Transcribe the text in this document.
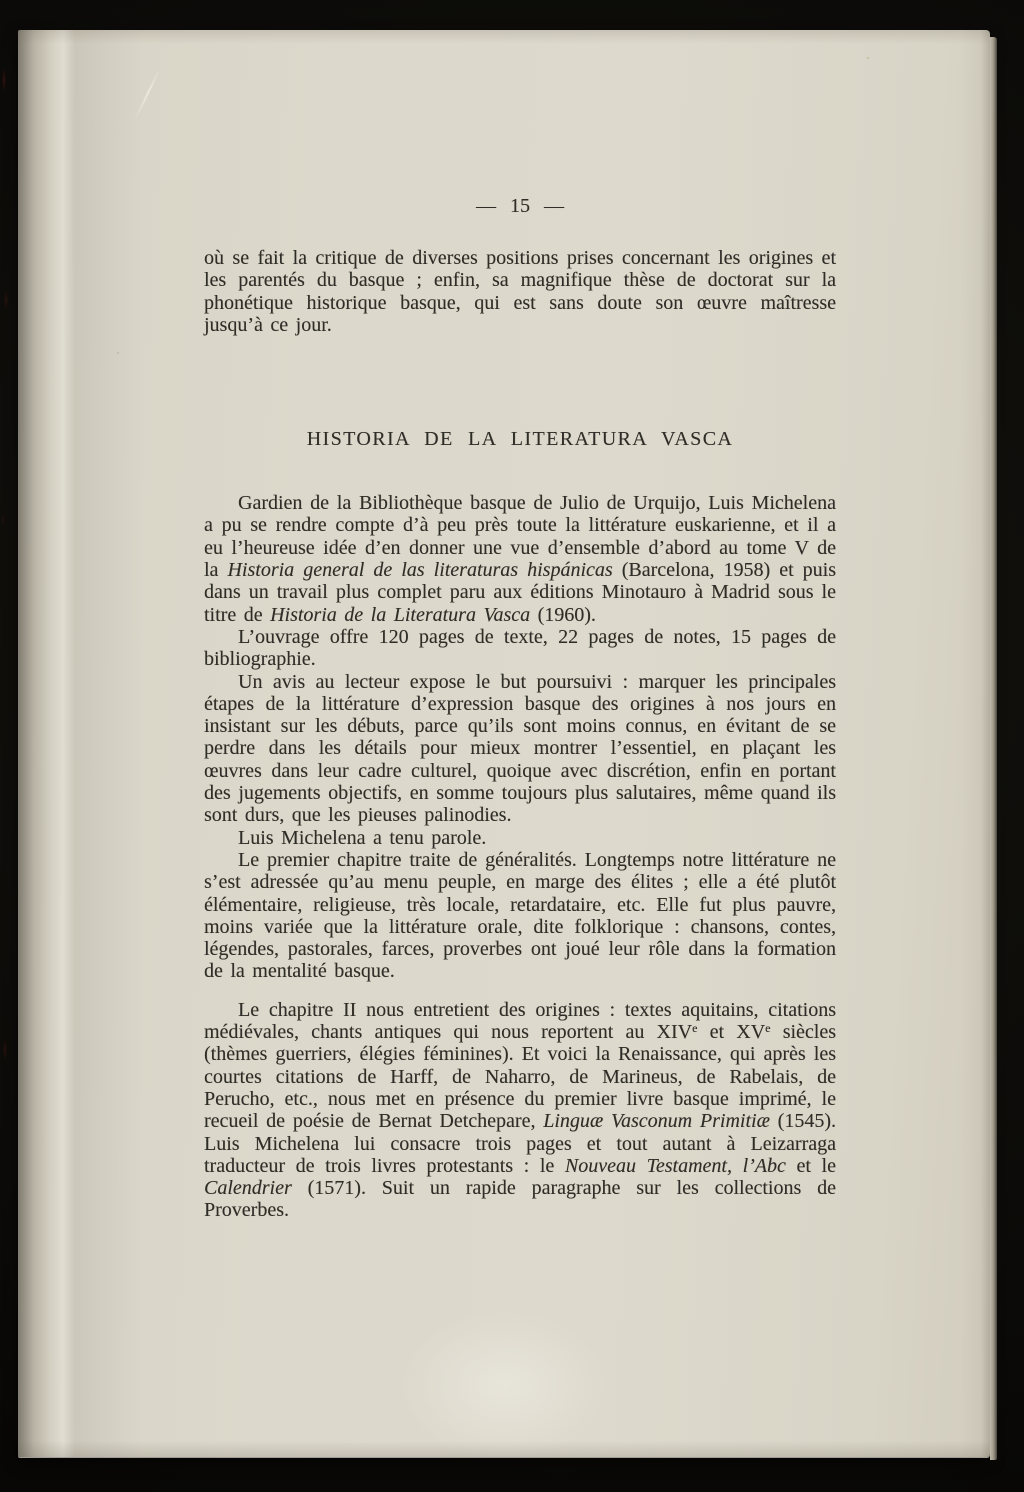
— 15 —

où se fait la critique de diverses positions prises concernant les origines et les parentés du basque ; enfin, sa magnifique thèse de doctorat sur la phonétique historique basque, qui est sans doute son œuvre maîtresse jusqu’à ce jour.

HISTORIA DE LA LITERATURA VASCA

Gardien de la Bibliothèque basque de Julio de Urquijo, Luis Michelena a pu se rendre compte d’à peu près toute la littérature euskarienne, et il a eu l’heureuse idée d’en donner une vue d’ensemble d’abord au tome V de la Historia general de las literaturas hispánicas (Barcelona, 1958) et puis dans un travail plus complet paru aux éditions Minotauro à Madrid sous le titre de Historia de la Literatura Vasca (1960).

L’ouvrage offre 120 pages de texte, 22 pages de notes, 15 pages de bibliographie.

Un avis au lecteur expose le but poursuivi : marquer les principales étapes de la littérature d’expression basque des origines à nos jours en insistant sur les débuts, parce qu’ils sont moins connus, en évitant de se perdre dans les détails pour mieux montrer l’essentiel, en plaçant les œuvres dans leur cadre culturel, quoique avec discrétion, enfin en portant des jugements objectifs, en somme toujours plus salutaires, même quand ils sont durs, que les pieuses palinodies.

Luis Michelena a tenu parole.

Le premier chapitre traite de généralités. Longtemps notre littérature ne s’est adressée qu’au menu peuple, en marge des élites ; elle a été plutôt élémentaire, religieuse, très locale, retardataire, etc. Elle fut plus pauvre, moins variée que la littérature orale, dite folklorique : chansons, contes, légendes, pastorales, farces, proverbes ont joué leur rôle dans la formation de la mentalité basque.

Le chapitre II nous entretient des origines : textes aquitains, citations médiévales, chants antiques qui nous reportent au XIVe et XVe siècles (thèmes guerriers, élégies féminines). Et voici la Renaissance, qui après les courtes citations de Harff, de Naharro, de Marineus, de Rabelais, de Perucho, etc., nous met en présence du premier livre basque imprimé, le recueil de poésie de Bernat Detchepare, Linguæ Vasconum Primitiæ (1545). Luis Michelena lui consacre trois pages et tout autant à Leizarraga traducteur de trois livres protestants : le Nouveau Testament, l’Abc et le Calendrier (1571). Suit un rapide paragraphe sur les collections de Proverbes.
